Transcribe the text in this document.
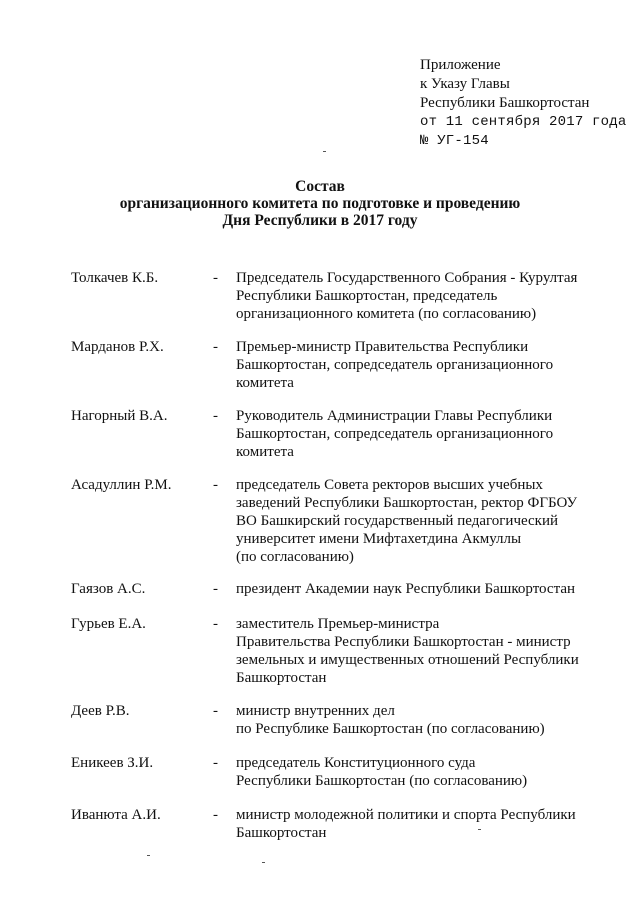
Приложение
к Указу Главы
Республики Башкортостан
от 11 сентября 2017 года
№ УГ-154
Состав
организационного комитета по подготовке и проведению
Дня Республики в 2017 году
Толкачев К.Б.	- Председатель Государственного Собрания - Курултая
Республики Башкортостан, председатель
организационного комитета (по согласованию)
Марданов Р.Х.	- Премьер-министр Правительства Республики
Башкортостан, сопредседатель организационного
комитета
Нагорный В.А.	- Руководитель Администрации Главы Республики
Башкортостан, сопредседатель организационного
комитета
Асадуллин Р.М.	- председатель Совета ректоров высших учебных
заведений Республики Башкортостан, ректор ФГБОУ
ВО Башкирский государственный педагогический
университет имени Мифтахетдина Акмуллы
(по согласованию)
Гаязов А.С.	- президент Академии наук Республики Башкортостан
Гурьев Е.А.	- заместитель Премьер-министра
Правительства Республики Башкортостан - министр
земельных и имущественных отношений Республики
Башкортостан
Деев Р.В.	- министр внутренних дел
по Республике Башкортостан (по согласованию)
Еникеев З.И.	- председатель Конституционного суда
Республики Башкортостан (по согласованию)
Иванюта А.И.	- министр молодежной политики и спорта Республики
Башкортостан
